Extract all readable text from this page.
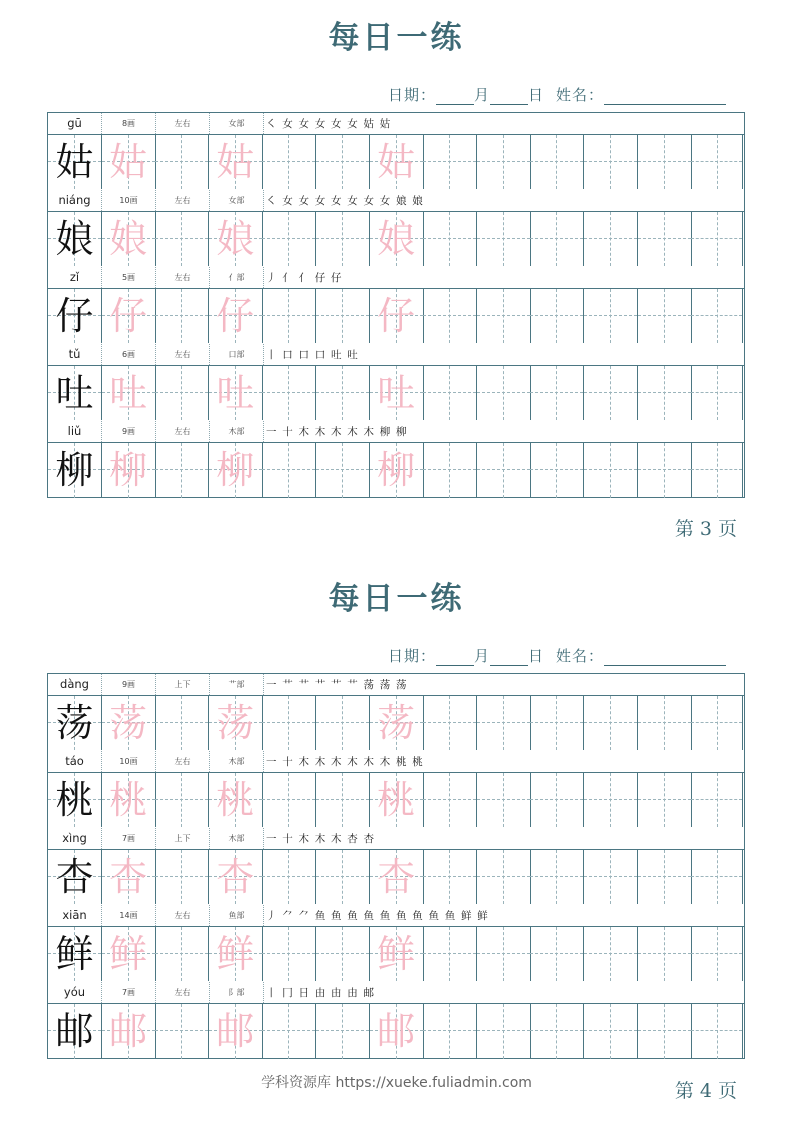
每日一练
日期：	月	日 姓名：
gū	8画	左右	女部	㇛ 女 女 女 女 女 姑 姑
姑 姑 姑	姑
niáng	10画	左右	女部	㇛ 女 女 女 女 女 女 女 娘 娘
娘 娘 娘	娘
zǐ	5画	左右	亻部	丿 亻 亻 仔 仔
仔 仔 仔	仔
tǔ	6画	左右	口部	丨 口 口 口 吐 吐
吐 吐 吐	吐
liǔ	9画	左右	木部	一 十 木 木 木 木 木 柳 柳
柳 柳 柳	柳
第3页
每日一练
日期：	月	日 姓名：
dàng	9画	上下	艹部	一 艹 艹 艹 艹 艹 荡 荡 荡
荡 荡 荡	荡
táo	10画	左右	木部	一 十 木 木 木 木 木 木 桃 桃
桃 桃 桃	桃
xìng	7画	上下	木部	一 十 木 木 木 杏 杏
杏 杏 杏	杏
xiān	14画	左右	鱼部	丿 ⺈ ⺈ 鱼 鱼 鱼 鱼 鱼 鱼 鱼 鱼 鱼 鲜 鲜
鲜 鲜 鲜	鲜
yóu	7画	左右	阝部	丨 冂 日 由 由 由 邮
邮 邮 邮	邮
第4页
学科资源库 https://xueke.fuliadmin.com
